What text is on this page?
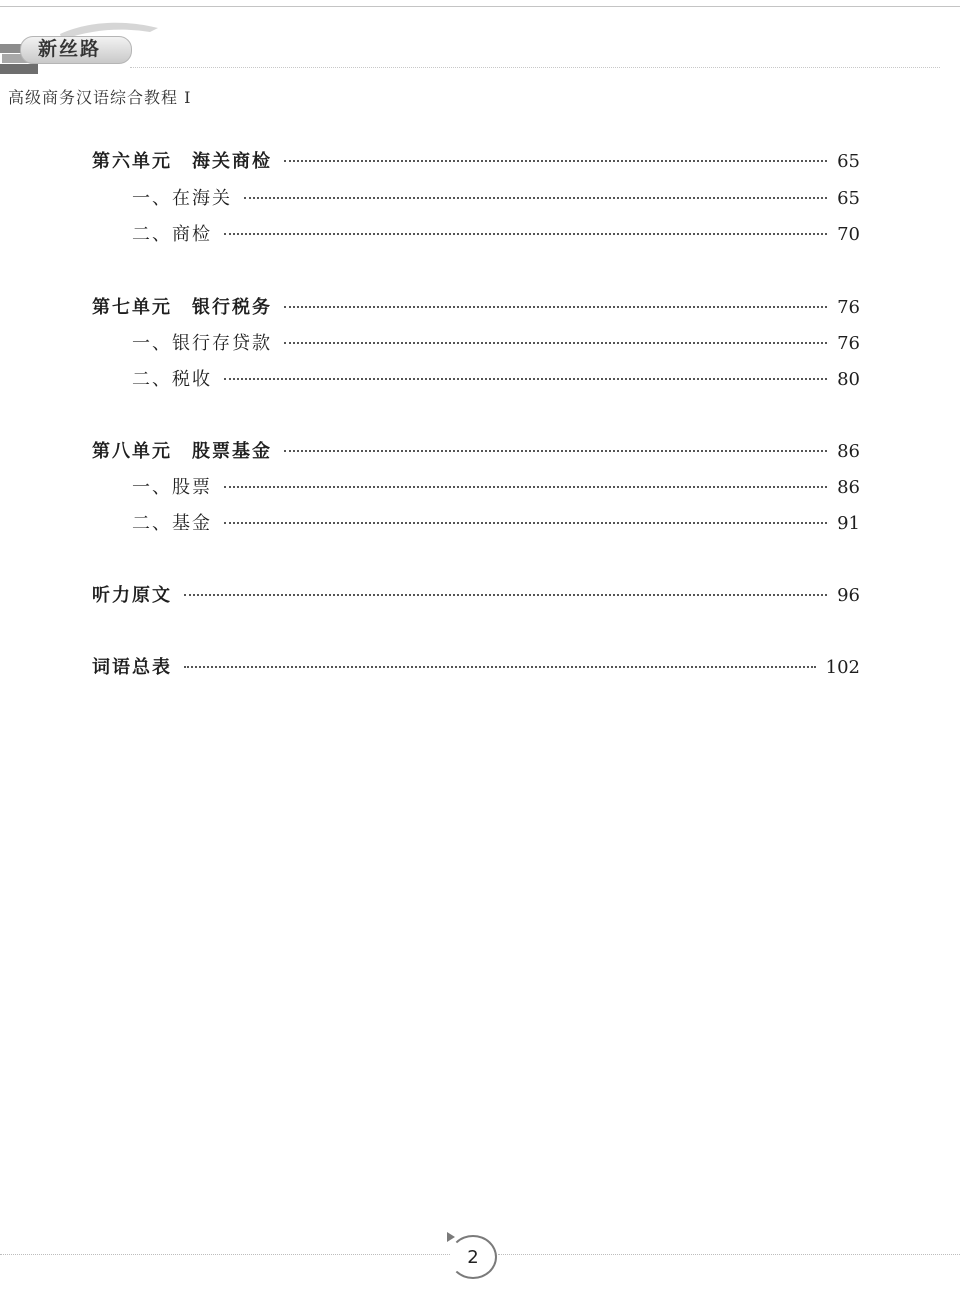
新丝路
高级商务汉语综合教程 I
第六单元　海关商检	65
一、在海关	65
二、商检	70
第七单元　银行税务	76
一、银行存贷款	76
二、税收	80
第八单元　股票基金	86
一、股票	86
二、基金	91
听力原文	96
词语总表	102
2
